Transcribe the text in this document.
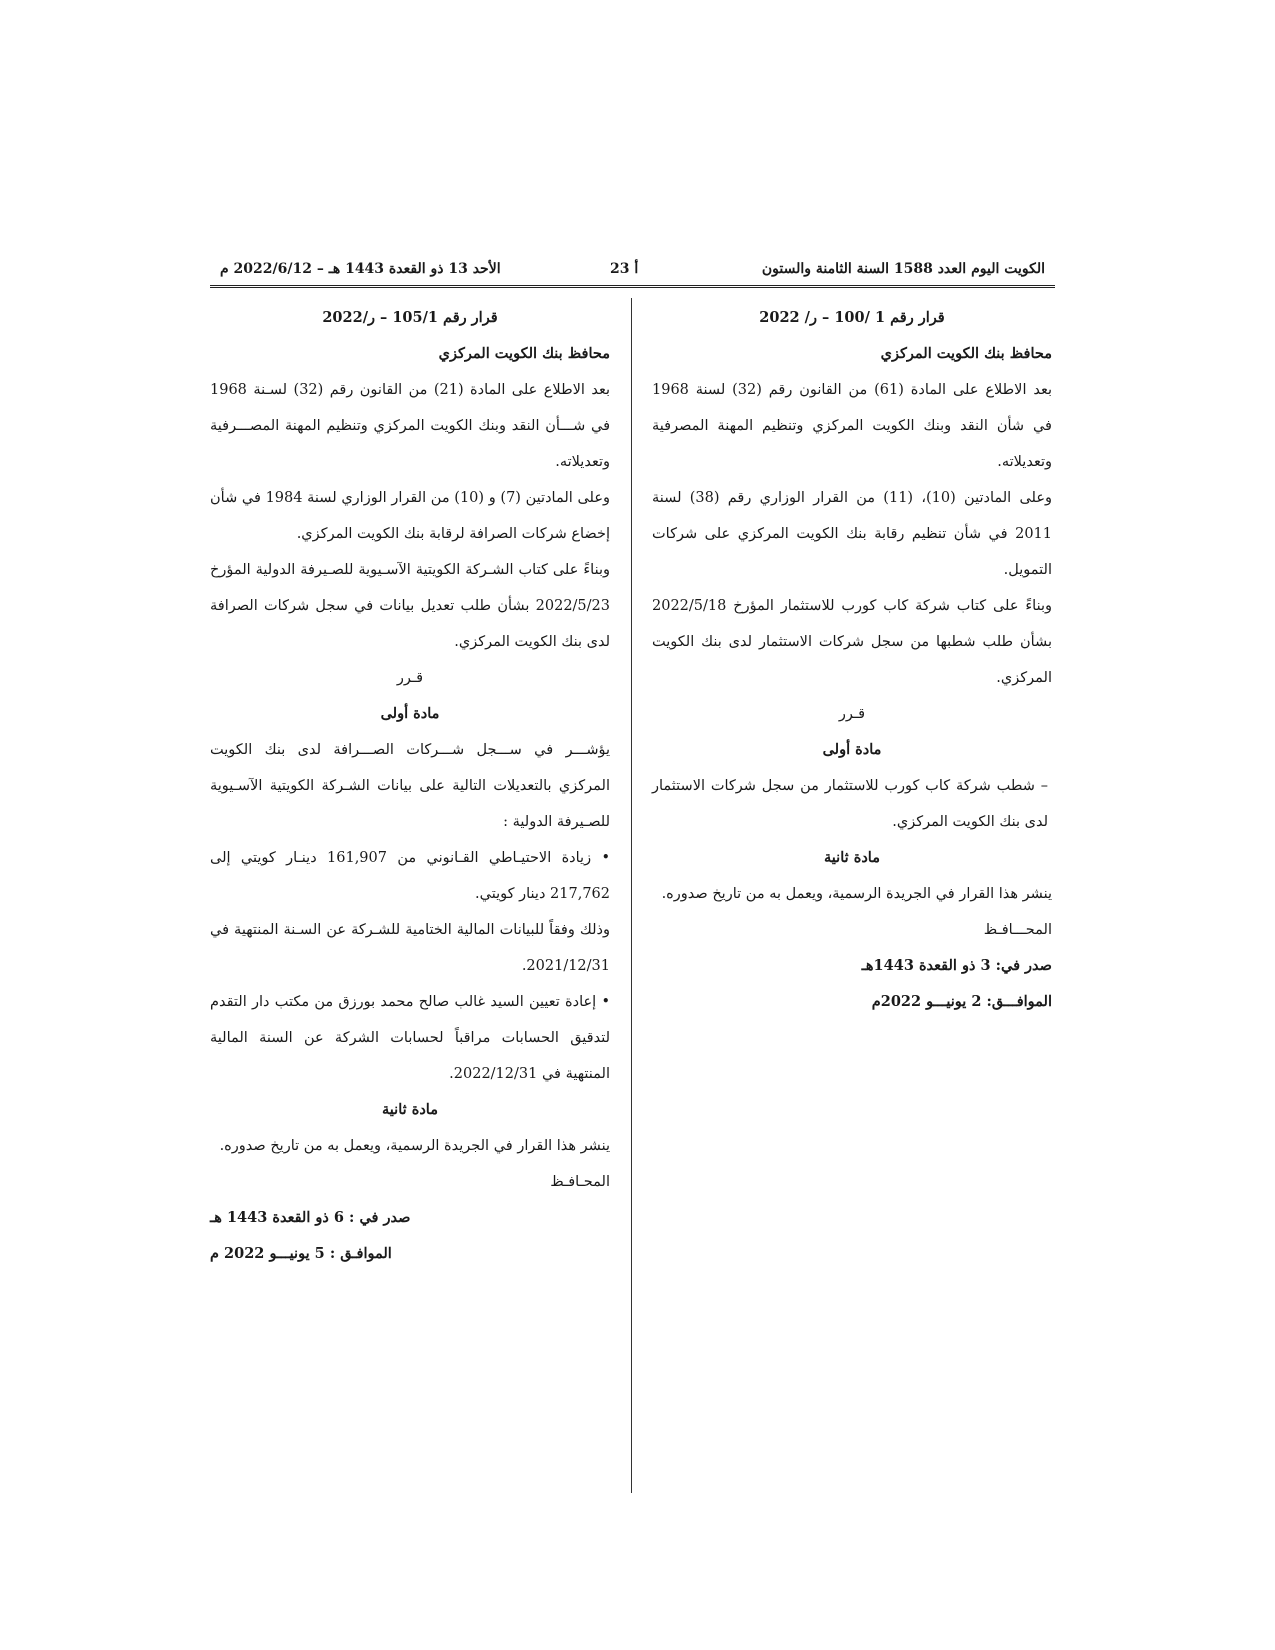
الكويت اليوم العدد 1588 السنة الثامنة والستون
أ 23
الأحد 13 ذو القعدة 1443 هـ – 2022/6/12 م

قرار رقم 1 /100 – ر/ 2022

محافظ بنك الكويت المركزي

بعد الاطلاع على المادة (61) من القانون رقم (32) لسنة 1968 في شأن النقد وبنك الكويت المركزي وتنظيم المهنة المصرفية وتعديلاته.

وعلى المادتين (10)، (11) من القرار الوزاري رقم (38) لسنة 2011 في شأن تنظيم رقابة بنك الكويت المركزي على شركات التمويل.

وبناءً على كتاب شركة كاب كورب للاستثمار المؤرخ 2022/5/18 بشأن طلب شطبها من سجل شركات الاستثمار لدى بنك الكويت المركزي.

قـرر

مادة أولى

– شطب شركة كاب كورب للاستثمار من سجل شركات الاستثمار لدى بنك الكويت المركزي.

مادة ثانية

ينشر هذا القرار في الجريدة الرسمية، ويعمل به من تاريخ صدوره.

المحـــافـظ

صدر في: 3 ذو القعدة 1443هـ

الموافـــق: 2 يونيـــو 2022م

قرار رقم 105/1 – ر/2022

محافظ بنك الكويت المركزي

بعد الاطلاع على المادة (21) من القانون رقم (32) لسـنة 1968 في شـــأن النقد وبنك الكويت المركزي وتنظيم المهنة المصـــرفية وتعديلاته.

وعلى المادتين (7) و (10) من القرار الوزاري لسنة 1984 في شأن إخضاع شركات الصرافة لرقابة بنك الكويت المركزي.

وبناءً على كتاب الشـركة الكويتية الآسـيوية للصـيرفة الدولية المؤرخ 2022/5/23 بشأن طلب تعديل بيانات في سجل شركات الصرافة لدى بنك الكويت المركزي.

قـرر

مادة أولى

يؤشـــر في ســـجل شـــركات الصـــرافة لدى بنك الكويت المركزي بالتعديلات التالية على بيانات الشـركة الكويتية الآسـيوية للصـيرفة الدولية :

• زيادة الاحتيـاطي القـانوني من 161,907 دينـار كويتي إلى 217,762 دينار كويتي.

وذلك وفقاً للبيانات المالية الختامية للشـركة عن السـنة المنتهية في 2021/12/31.

• إعادة تعيين السيد غالب صالح محمد بورزق من مكتب دار التقدم لتدقيق الحسابات مراقباً لحسابات الشركة عن السنة المالية المنتهية في 2022/12/31.

مادة ثانية

ينشر هذا القرار في الجريدة الرسمية، ويعمل به من تاريخ صدوره.

المحـافـظ

صدر في : 6 ذو القعدة 1443 هـ

الموافـق : 5 يونيـــو 2022 م
